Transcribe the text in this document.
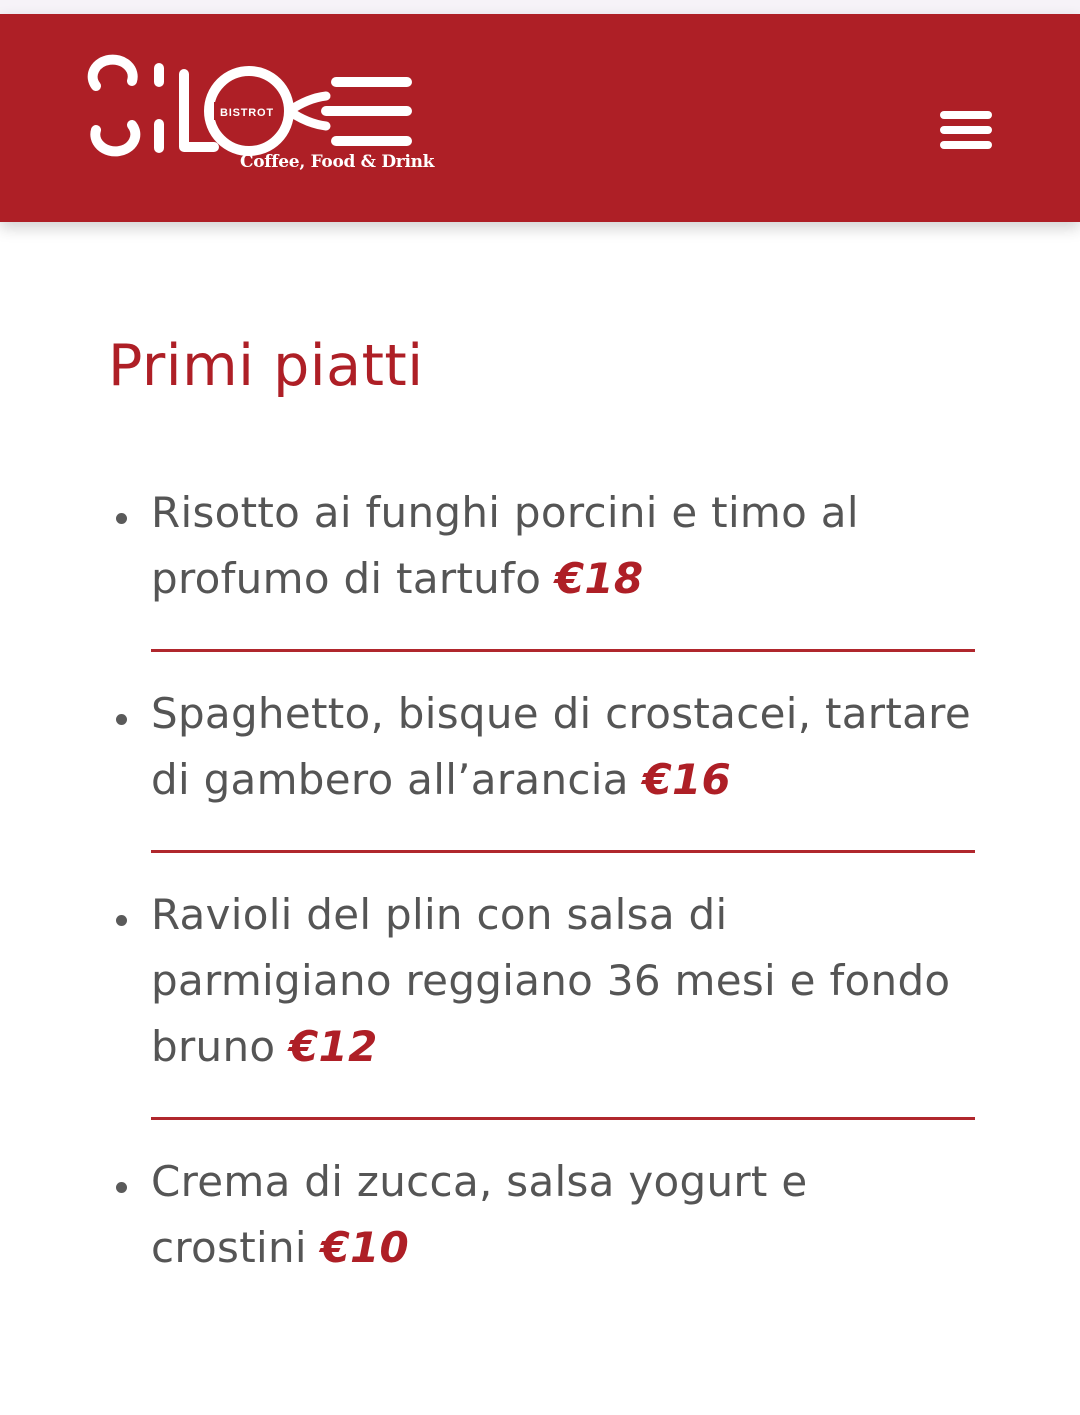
BISTROT
Coffee, Food & Drink
Primi piatti
Risotto ai funghi porcini e timo al profumo di tartufo €18
Spaghetto, bisque di crostacei, tartare di gambero all’arancia €16
Ravioli del plin con salsa di parmigiano reggiano 36 mesi e fondo bruno €12
Crema di zucca, salsa yogurt e crostini €10
